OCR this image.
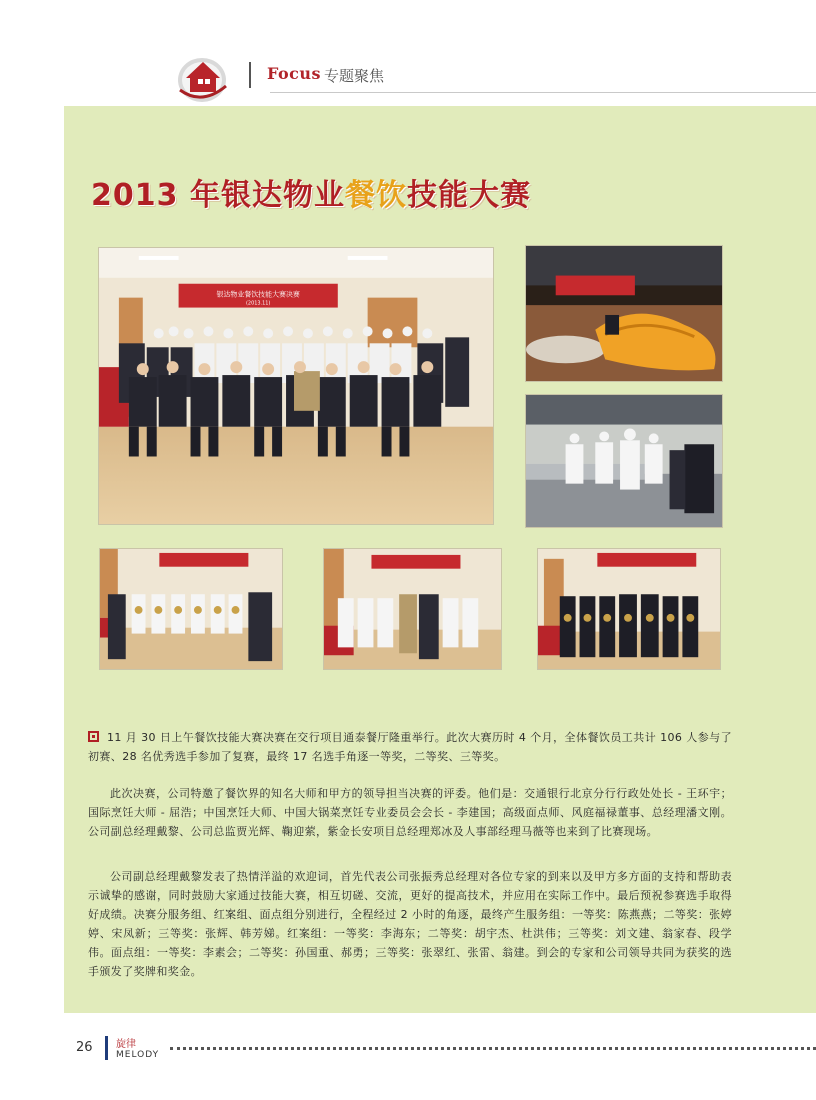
Focus 专题聚焦
2013 年银达物业餐饮技能大赛
银达物业餐饮技能大赛决赛
(2013.11)
11 月 30 日上午餐饮技能大赛决赛在交行项目通泰餐厅隆重举行。此次大赛历时 4 个月，全体餐饮员工共计 106 人参与了初赛、28 名优秀选手参加了复赛，最终 17 名选手角逐一等奖，二等奖、三等奖。
此次决赛，公司特邀了餐饮界的知名大师和甲方的领导担当决赛的评委。他们是：交通银行北京分行行政处处长 - 王环宇；国际烹饪大师 - 屈浩；中国烹饪大师、中国大锅菜烹饪专业委员会会长 - 李建国；高级面点师、风庭福禄董事、总经理潘文刚。公司副总经理戴黎、公司总监贾光辉、鞠迎萦，紫金长安项目总经理郑冰及人事部经理马薇等也来到了比赛现场。
公司副总经理戴黎发表了热情洋溢的欢迎词，首先代表公司张振秀总经理对各位专家的到来以及甲方多方面的支持和帮助表示诚挚的感谢，同时鼓励大家通过技能大赛，相互切磋、交流，更好的提高技术，并应用在实际工作中。最后预祝参赛选手取得好成绩。决赛分服务组、红案组、面点组分别进行，全程经过 2 小时的角逐，最终产生服务组：一等奖：陈燕燕；二等奖：张婷婷、宋凤新；三等奖：张辉、韩芳娣。红案组：一等奖：李海东；二等奖：胡宇杰、杜洪伟；三等奖：刘文建、翁家春、段学伟。面点组：一等奖：李素会；二等奖：孙国重、郝勇；三等奖：张翠红、张雷、翁建。到会的专家和公司领导共同为获奖的选手颁发了奖牌和奖金。
26 旋律
MELODY
